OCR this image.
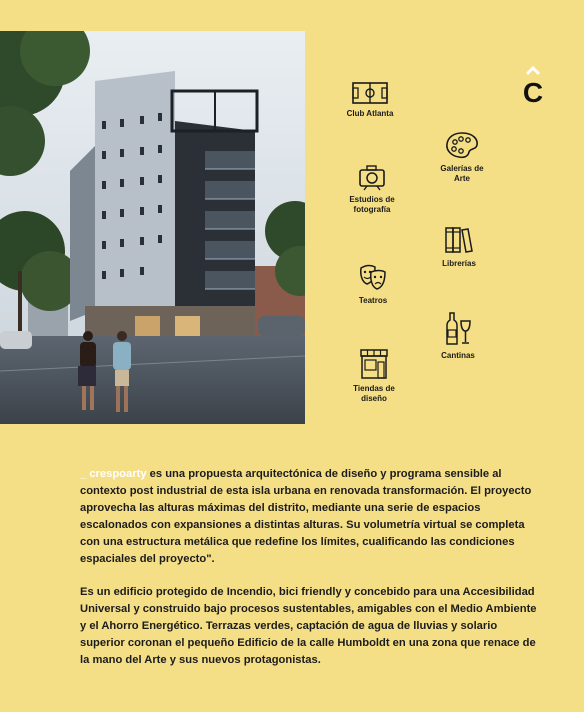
C
Club Atlanta
Galerías de Arte
Estudios de fotografía
Librerías
Teatros
Cantinas
Tiendas de diseño
_ crespoarty es una propuesta arquitectónica de diseño y programa sensible al contexto post industrial de esta isla urbana en renovada transformación. El proyecto aprovecha las alturas máximas del distrito, mediante una serie de espacios escalonados con expansiones a distintas alturas. Su volumetría virtual se completa con una estructura metálica que redefine los límites, cualificando las condiciones espaciales del proyecto".
Es un edificio protegido de Incendio, bici friendly y concebido para una Accesibilidad Universal y construido bajo procesos sustentables, amigables con el Medio Ambiente y el Ahorro Energético. Terrazas verdes, captación de agua de lluvias y solario superior coronan el pequeño Edificio de la calle Humboldt en una zona que renace de la mano del Arte y sus nuevos protagonistas.
